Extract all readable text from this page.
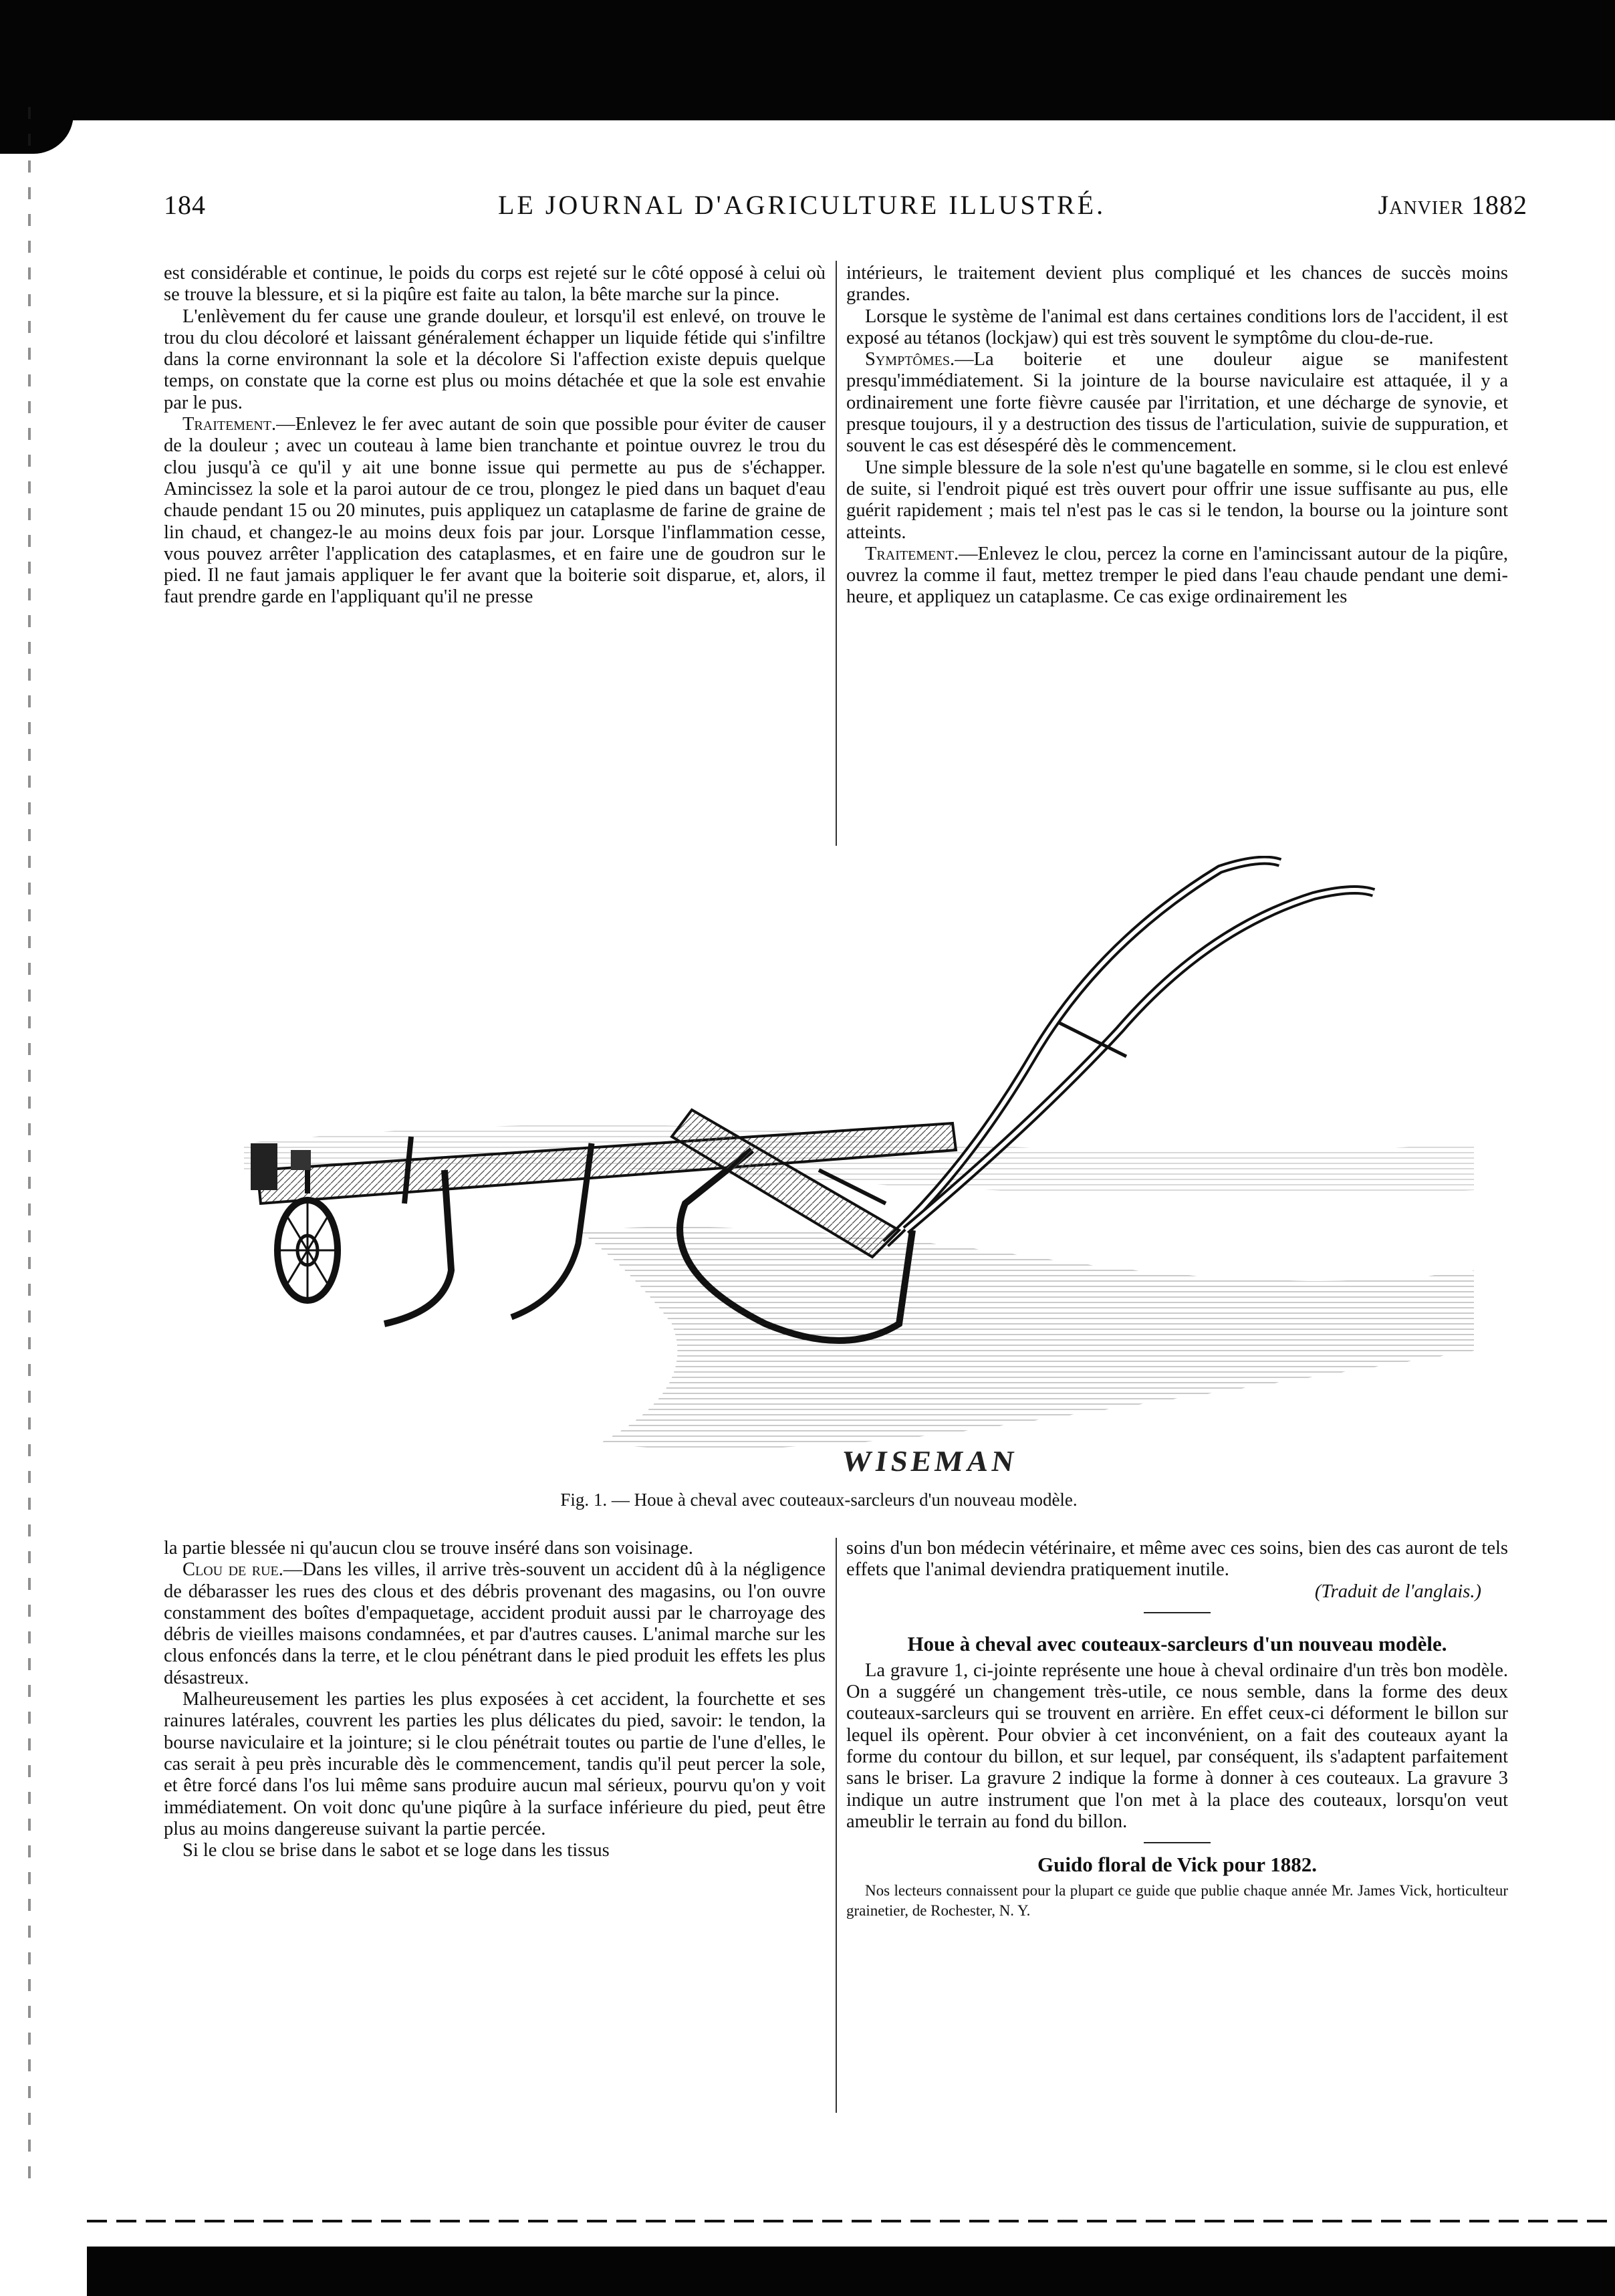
184	LE JOURNAL D'AGRICULTURE ILLUSTRÉ.	Janvier 1882

est considérable et continue, le poids du corps est rejeté sur le côté opposé à celui où se trouve la blessure, et si la piqûre est faite au talon, la bête marche sur la pince.

L'enlèvement du fer cause une grande douleur, et lorsqu'il est enlevé, on trouve le trou du clou décoloré et laissant généralement échapper un liquide fétide qui s'infiltre dans la corne environnant la sole et la décolore Si l'affection existe depuis quelque temps, on constate que la corne est plus ou moins détachée et que la sole est envahie par le pus.

Traitement.—Enlevez le fer avec autant de soin que possible pour éviter de causer de la douleur ; avec un couteau à lame bien tranchante et pointue ouvrez le trou du clou jusqu'à ce qu'il y ait une bonne issue qui permette au pus de s'échapper. Amincissez la sole et la paroi autour de ce trou, plongez le pied dans un baquet d'eau chaude pendant 15 ou 20 minutes, puis appliquez un cataplasme de farine de graine de lin chaud, et changez-le au moins deux fois par jour. Lorsque l'inflammation cesse, vous pouvez arrêter l'application des cataplasmes, et en faire une de goudron sur le pied. Il ne faut jamais appliquer le fer avant que la boiterie soit disparue, et, alors, il faut prendre garde en l'appliquant qu'il ne presse

intérieurs, le traitement devient plus compliqué et les chances de succès moins grandes.

Lorsque le système de l'animal est dans certaines conditions lors de l'accident, il est exposé au tétanos (lockjaw) qui est très souvent le symptôme du clou-de-rue.

Symptômes.—La boiterie et une douleur aigue se manifestent presqu'immédiatement. Si la jointure de la bourse naviculaire est attaquée, il y a ordinairement une forte fièvre causée par l'irritation, et une décharge de synovie, et presque toujours, il y a destruction des tissus de l'articulation, suivie de suppuration, et souvent le cas est désespéré dès le commencement.

Une simple blessure de la sole n'est qu'une bagatelle en somme, si le clou est enlevé de suite, si l'endroit piqué est très ouvert pour offrir une issue suffisante au pus, elle guérit rapidement ; mais tel n'est pas le cas si le tendon, la bourse ou la jointure sont atteints.

Traitement.—Enlevez le clou, percez la corne en l'amincissant autour de la piqûre, ouvrez la comme il faut, mettez tremper le pied dans l'eau chaude pendant une demi-heure, et appliquez un cataplasme. Ce cas exige ordinairement les

WISEMAN
Fig. 1. — Houe à cheval avec couteaux-sarcleurs d'un nouveau modèle.

la partie blessée ni qu'aucun clou se trouve inséré dans son voisinage.

Clou de rue.—Dans les villes, il arrive très-souvent un accident dû à la négligence de débarasser les rues des clous et des débris provenant des magasins, ou l'on ouvre constamment des boîtes d'empaquetage, accident produit aussi par le charroyage des débris de vieilles maisons condamnées, et par d'autres causes. L'animal marche sur les clous enfoncés dans la terre, et le clou pénétrant dans le pied produit les effets les plus désastreux.

Malheureusement les parties les plus exposées à cet accident, la fourchette et ses rainures latérales, couvrent les parties les plus délicates du pied, savoir: le tendon, la bourse naviculaire et la jointure; si le clou pénétrait toutes ou partie de l'une d'elles, le cas serait à peu près incurable dès le commencement, tandis qu'il peut percer la sole, et être forcé dans l'os lui même sans produire aucun mal sérieux, pourvu qu'on y voit immédiatement. On voit donc qu'une piqûre à la surface inférieure du pied, peut être plus au moins dangereuse suivant la partie percée.

Si le clou se brise dans le sabot et se loge dans les tissus

soins d'un bon médecin vétérinaire, et même avec ces soins, bien des cas auront de tels effets que l'animal deviendra pratiquement inutile.

(Traduit de l'anglais.)

Houe à cheval avec couteaux-sarcleurs d'un nouveau modèle.

La gravure 1, ci-jointe représente une houe à cheval ordinaire d'un très bon modèle. On a suggéré un changement très-utile, ce nous semble, dans la forme des deux couteaux-sarcleurs qui se trouvent en arrière. En effet ceux-ci déforment le billon sur lequel ils opèrent. Pour obvier à cet inconvénient, on a fait des couteaux ayant la forme du contour du billon, et sur lequel, par conséquent, ils s'adaptent parfaitement sans le briser. La gravure 2 indique la forme à donner à ces couteaux. La gravure 3 indique un autre instrument que l'on met à la place des couteaux, lorsqu'on veut ameublir le terrain au fond du billon.

Guido floral de Vick pour 1882.

Nos lecteurs connaissent pour la plupart ce guide que publie chaque année Mr. James Vick, horticulteur grainetier, de Rochester, N. Y.
